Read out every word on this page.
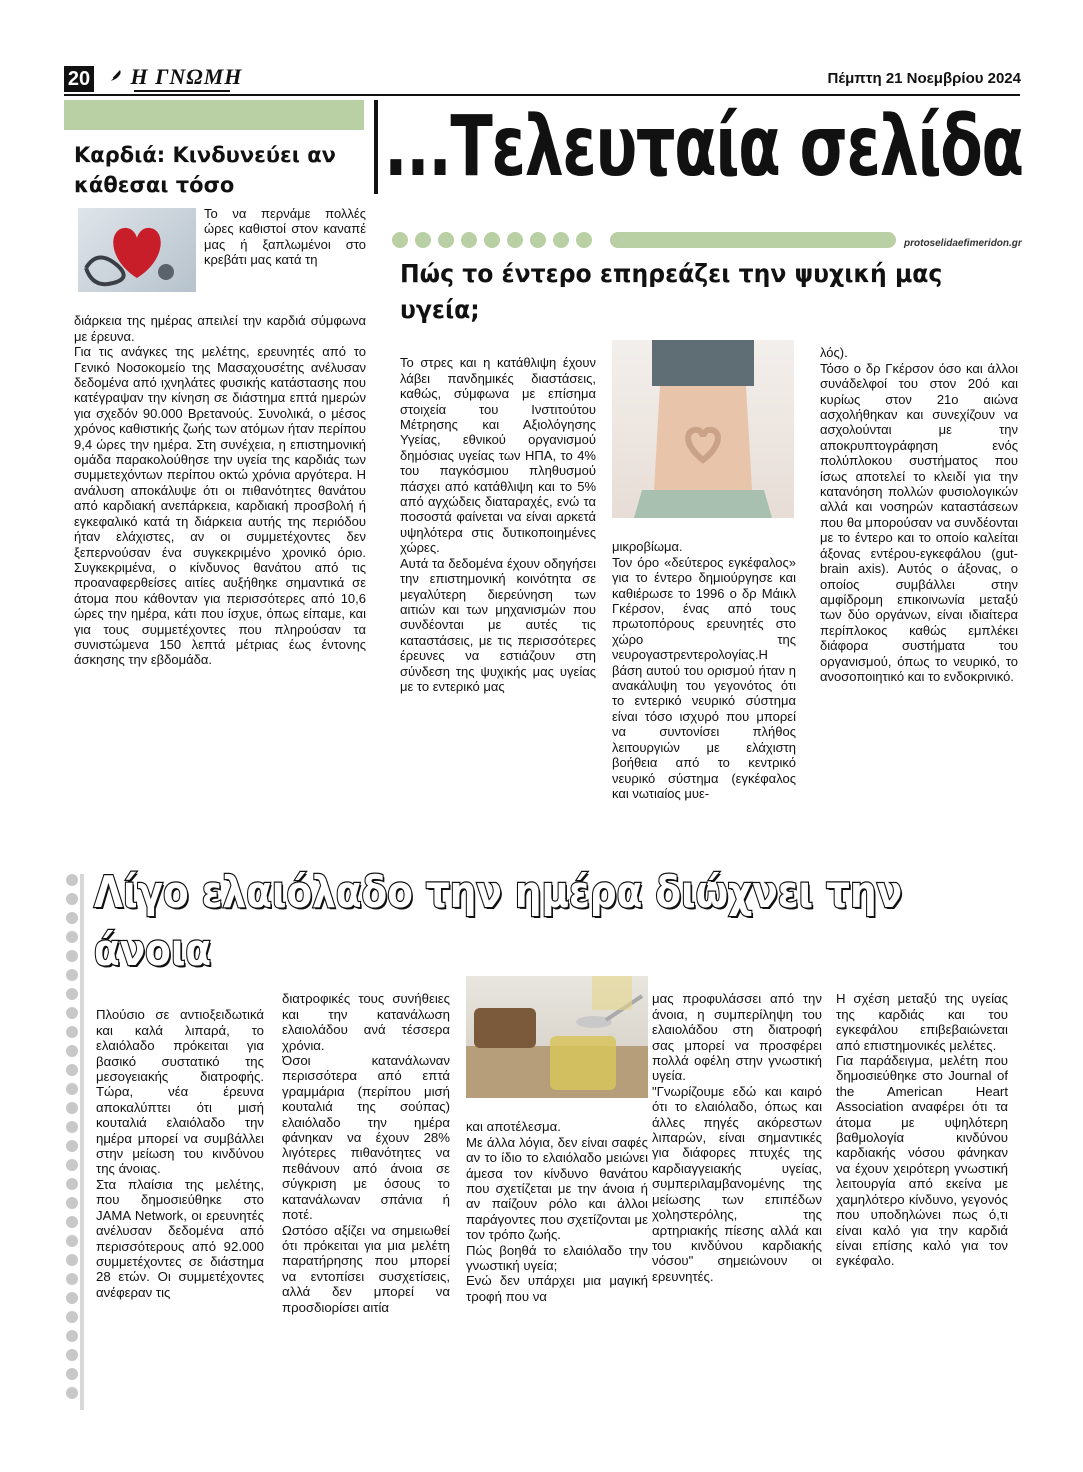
20	Η ΓΝΩΜΗ	Πέμπτη 21 Νοεμβρίου 2024
...Τελευταία σελίδα
protoselidaefimeridon.gr
Καρδιά: Κινδυνεύει αν κάθεσαι τόσο

Το να περνάμε πολλές ώρες καθιστοί στον καναπέ μας ή ξαπλωμένοι στο κρεβάτι μας κατά τη

διάρκεια της ημέρας απειλεί την καρδιά σύμφωνα με έρευνα.
Για τις ανάγκες της μελέτης, ερευνητές από το Γενικό Νοσοκομείο της Μασαχουσέτης ανέλυσαν δεδομένα από ιχνηλάτες φυσικής κατάστασης που κατέγραψαν την κίνηση σε διάστημα επτά ημερών για σχεδόν 90.000 Βρετανούς. Συνολικά, ο μέσος χρόνος καθιστικής ζωής των ατόμων ήταν περίπου 9,4 ώρες την ημέρα. Στη συνέχεια, η επιστημονική ομάδα παρακολούθησε την υγεία της καρδιάς των συμμετεχόντων περίπου οκτώ χρόνια αργότερα. Η ανάλυση αποκάλυψε ότι οι πιθανότητες θανάτου από καρδιακή ανεπάρκεια, καρδιακή προσβολή ή εγκεφαλικό κατά τη διάρκεια αυτής της περιόδου ήταν ελάχιστες, αν οι συμμετέχοντες δεν ξεπερνούσαν ένα συγκεκριμένο χρονικό όριο. Συγκεκριμένα, ο κίνδυνος θανάτου από τις προαναφερθείσες αιτίες αυξήθηκε σημαντικά σε άτομα που κάθονταν για περισσότερες από 10,6 ώρες την ημέρα, κάτι που ίσχυε, όπως είπαμε, και για τους συμμετέχοντες που πληρούσαν τα συνιστώμενα 150 λεπτά μέτριας έως έντονης άσκησης την εβδομάδα.

Πώς το έντερο επηρεάζει την ψυχική μας υγεία;

Το στρες και η κατάθλιψη έχουν λάβει πανδημικές διαστάσεις, καθώς, σύμφωνα με επίσημα στοιχεία του Ινστιτούτου Μέτρησης και Αξιολόγησης Υγείας, εθνικού οργανισμού δημόσιας υγείας των ΗΠΑ, το 4% του παγκόσμιου πληθυσμού πάσχει από κατάθλιψη και το 5% από αγχώδεις διαταραχές, ενώ τα ποσοστά φαίνεται να είναι αρκετά υψηλότερα στις δυτικοποιημένες χώρες.
Αυτά τα δεδομένα έχουν οδηγήσει την επιστημονική κοινότητα σε μεγαλύτερη διερεύνηση των αιτιών και των μηχανισμών που συνδέονται με αυτές τις καταστάσεις, με τις περισσότερες έρευνες να εστιάζουν στη σύνδεση της ψυχικής μας υγείας με το εντερικό μας

μικροβίωμα.
Τον όρο «δεύτερος εγκέφαλος» για το έντερο δημιούργησε και καθιέρωσε το 1996 ο δρ Μάικλ Γκέρσον, ένας από τους πρωτοπόρους ερευνητές στο χώρο της νευρογαστρεντερολογίας.Η βάση αυτού του ορισμού ήταν η ανακάλυψη του γεγονότος ότι το εντερικό νευρικό σύστημα είναι τόσο ισχυρό που μπορεί να συντονίσει πλήθος λειτουργιών με ελάχιστη βοήθεια από το κεντρικό νευρικό σύστημα (εγκέφαλος και νωτιαίος μυε-

λός).
Τόσο ο δρ Γκέρσον όσο και άλλοι συνάδελφοί του στον 20ό και κυρίως στον 21ο αιώνα ασχολήθηκαν και συνεχίζουν να ασχολούνται με την αποκρυπτογράφηση ενός πολύπλοκου συστήματος που ίσως αποτελεί το κλειδί για την κατανόηση πολλών φυσιολογικών αλλά και νοσηρών καταστάσεων που θα μπορούσαν να συνδέονται με το έντερο και το οποίο καλείται άξονας εντέρου-εγκεφάλου (gut-brain axis). Αυτός ο άξονας, ο οποίος συμβάλλει στην αμφίδρομη επικοινωνία μεταξύ των δύο οργάνων, είναι ιδιαίτερα περίπλοκος καθώς εμπλέκει διάφορα συστήματα του οργανισμού, όπως το νευρικό, το ανοσοποιητικό και το ενδοκρινικό.

Λίγο ελαιόλαδο την ημέρα διώχνει την άνοια

Πλούσιο σε αντιοξειδωτικά και καλά λιπαρά, το ελαιόλαδο πρόκειται για βασικό συστατικό της μεσογειακής διατροφής. Τώρα, νέα έρευνα αποκαλύπτει ότι μισή κουταλιά ελαιόλαδο την ημέρα μπορεί να συμβάλλει στην μείωση του κινδύνου της άνοιας.
Στα πλαίσια της μελέτης, που δημοσιεύθηκε στο JAMA Network, οι ερευνητές ανέλυσαν δεδομένα από περισσότερους από 92.000 συμμετέχοντες σε διάστημα 28 ετών. Οι συμμετέχοντες ανέφεραν τις

διατροφικές τους συνήθειες και την κατανάλωση ελαιολάδου ανά τέσσερα χρόνια.
Όσοι κατανάλωναν περισσότερα από επτά γραμμάρια (περίπου μισή κουταλιά της σούπας) ελαιόλαδο την ημέρα φάνηκαν να έχουν 28% λιγότερες πιθανότητες να πεθάνουν από άνοια σε σύγκριση με όσους το κατανάλωναν σπάνια ή ποτέ.
Ωστόσο αξίζει να σημειωθεί ότι πρόκειται για μια μελέτη παρατήρησης που μπορεί να εντοπίσει συσχετίσεις, αλλά δεν μπορεί να προσδιορίσει αιτία

και αποτέλεσμα.
Με άλλα λόγια, δεν είναι σαφές αν το ίδιο το ελαιόλαδο μειώνει άμεσα τον κίνδυνο θανάτου που σχετίζεται με την άνοια ή αν παίζουν ρόλο και άλλοι παράγοντες που σχετίζονται με τον τρόπο ζωής.
Πώς βοηθά το ελαιόλαδο την γνωστική υγεία;
Ενώ δεν υπάρχει μια μαγική τροφή που να

μας προφυλάσσει από την άνοια, η συμπερίληψη του ελαιολάδου στη διατροφή σας μπορεί να προσφέρει πολλά οφέλη στην γνωστική υγεία.
"Γνωρίζουμε εδώ και καιρό ότι το ελαιόλαδο, όπως και άλλες πηγές ακόρεστων λιπαρών, είναι σημαντικές για διάφορες πτυχές της καρδιαγγειακής υγείας, συμπεριλαμβανομένης της μείωσης των επιπέδων χοληστερόλης, της αρτηριακής πίεσης αλλά και του κινδύνου καρδιακής νόσου" σημειώνουν οι ερευνητές.

Η σχέση μεταξύ της υγείας της καρδιάς και του εγκεφάλου επιβεβαιώνεται από επιστημονικές μελέτες.
Για παράδειγμα, μελέτη που δημοσιεύθηκε στο Journal of the American Heart Association αναφέρει ότι τα άτομα με υψηλότερη βαθμολογία κινδύνου καρδιακής νόσου φάνηκαν να έχουν χειρότερη γνωστική λειτουργία από εκείνα με χαμηλότερο κίνδυνο, γεγονός που υποδηλώνει πως ό,τι είναι καλό για την καρδιά είναι επίσης καλό για τον εγκέφαλο.
